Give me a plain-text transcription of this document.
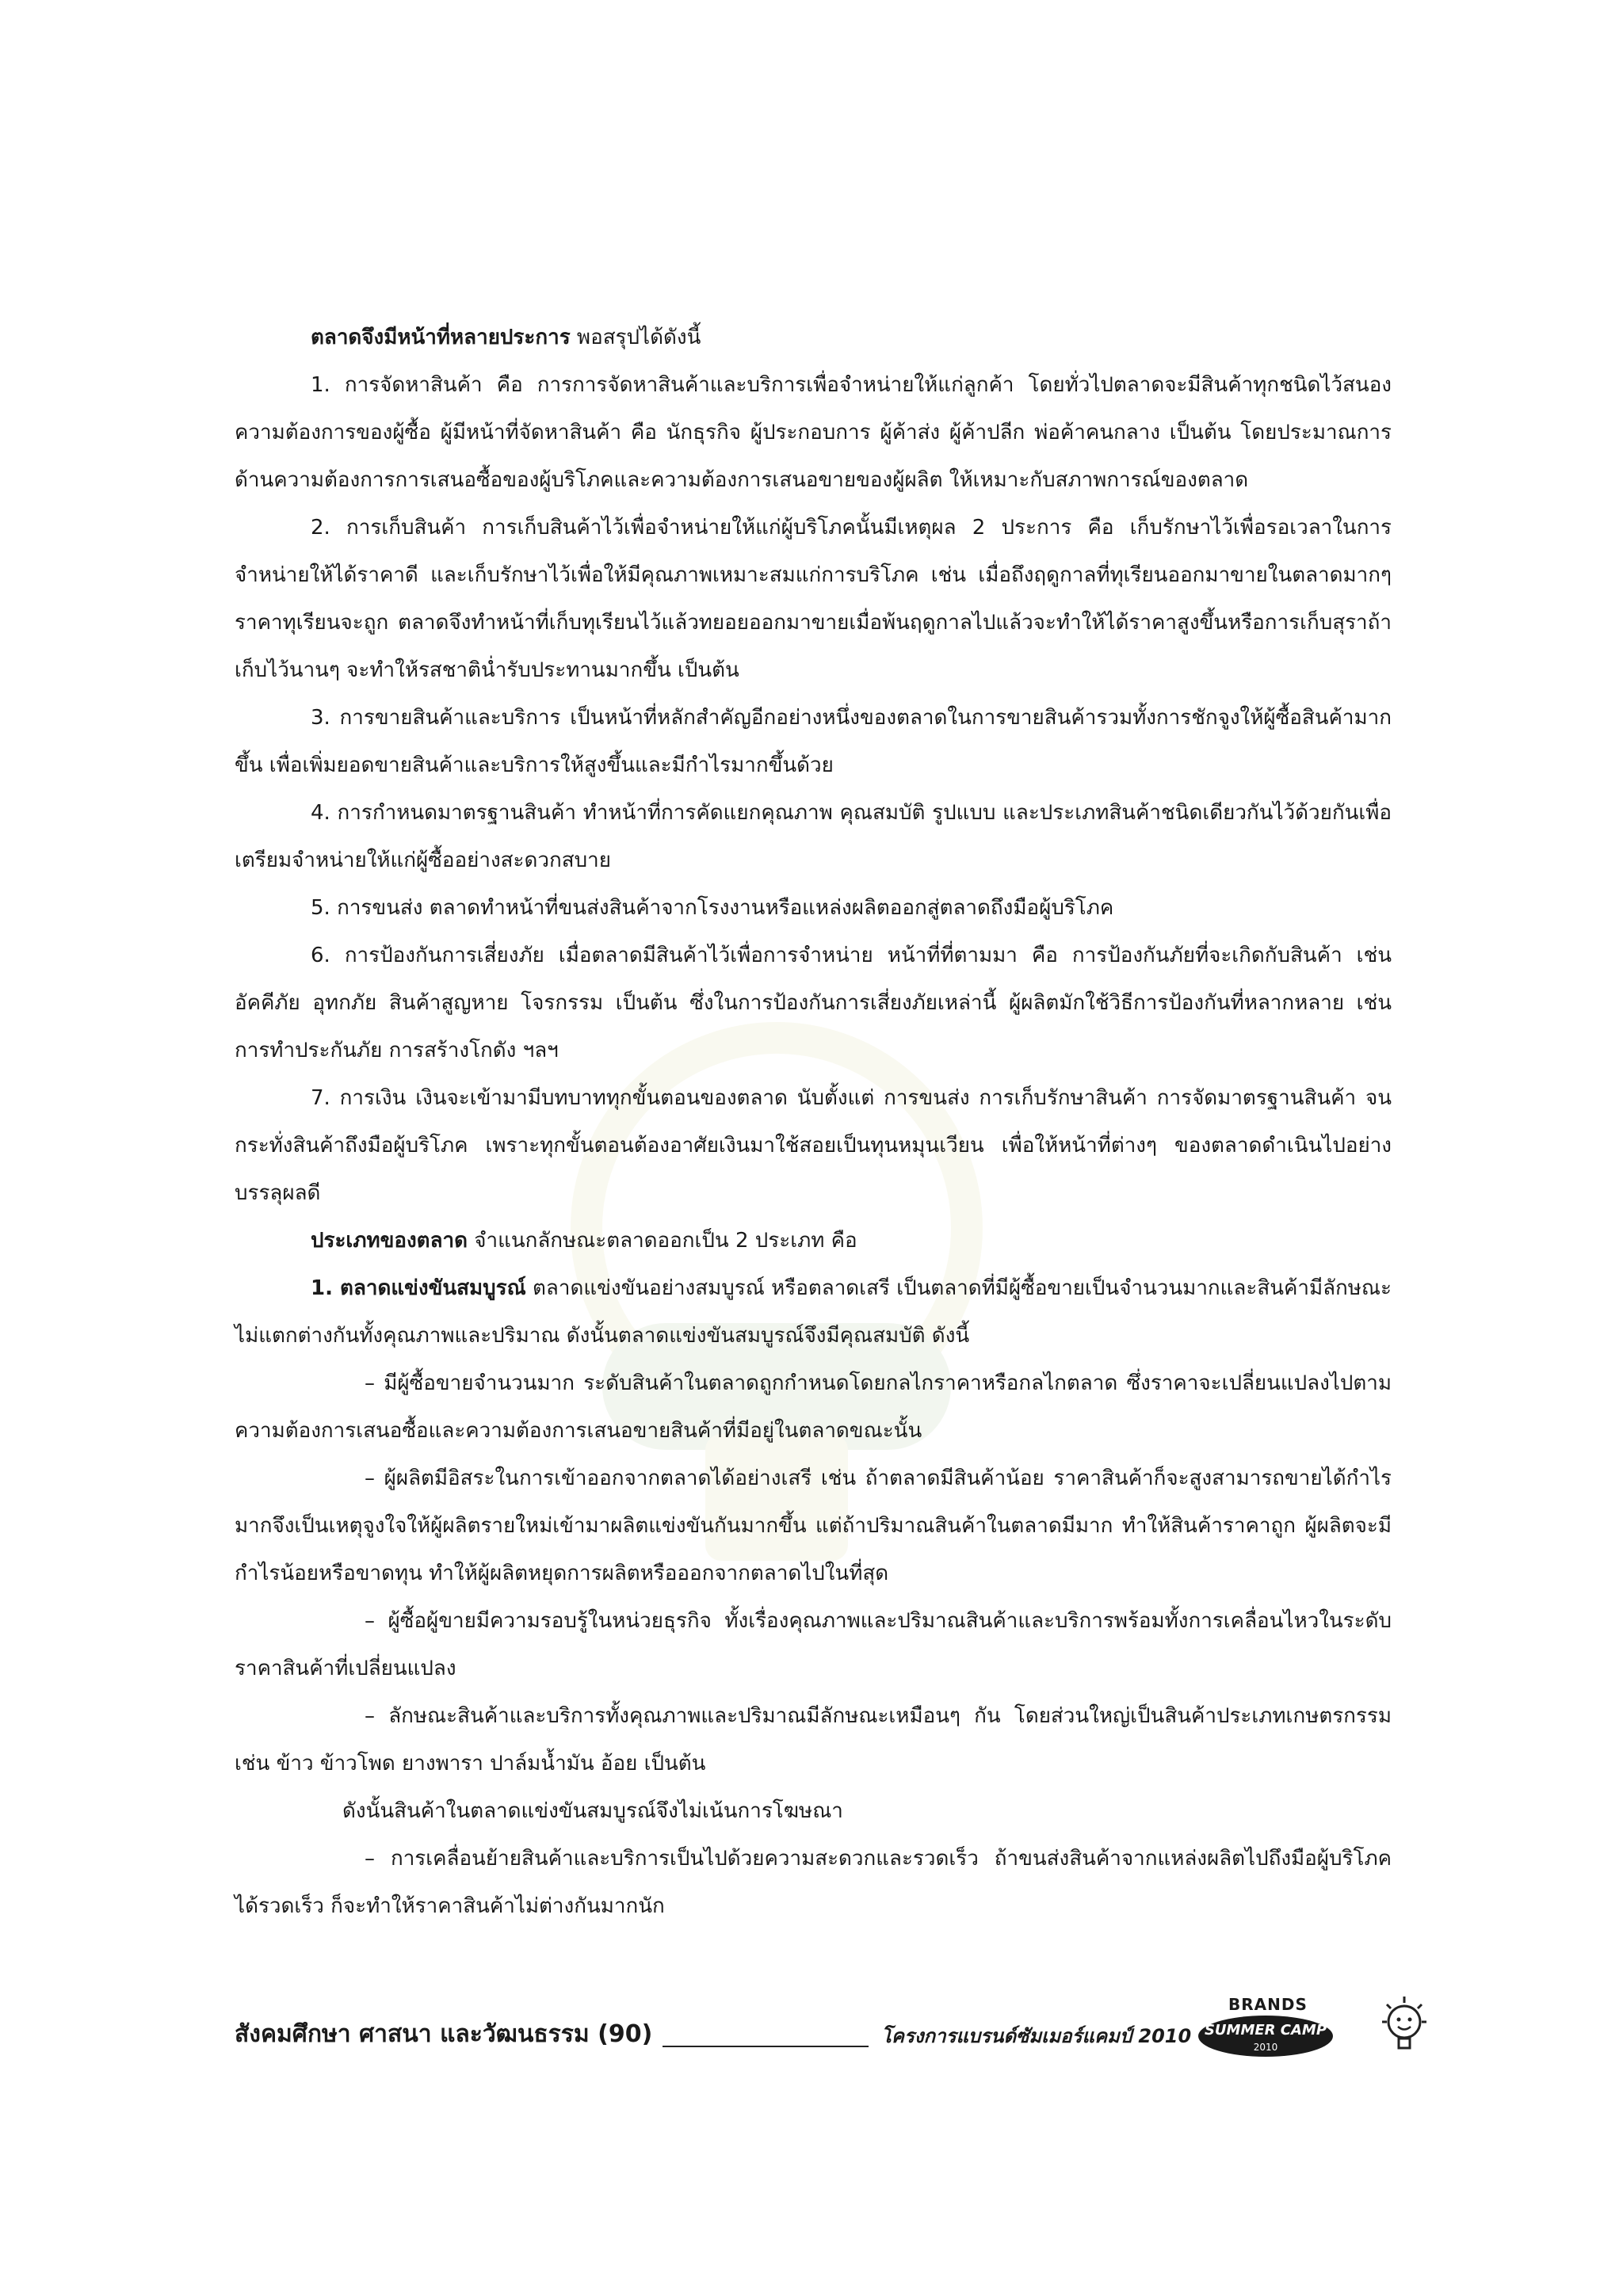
ตลาดจึงมีหน้าที่หลายประการ พอสรุปได้ดังนี้

1. การจัดหาสินค้า คือ การการจัดหาสินค้าและบริการเพื่อจำหน่ายให้แก่ลูกค้า โดยทั่วไปตลาดจะมีสินค้าทุกชนิดไว้สนองความต้องการของผู้ซื้อ ผู้มีหน้าที่จัดหาสินค้า คือ นักธุรกิจ ผู้ประกอบการ ผู้ค้าส่ง ผู้ค้าปลีก พ่อค้าคนกลาง เป็นต้น โดยประมาณการด้านความต้องการการเสนอซื้อของผู้บริโภคและความต้องการเสนอขายของผู้ผลิต ให้เหมาะกับสภาพการณ์ของตลาด

2. การเก็บสินค้า การเก็บสินค้าไว้เพื่อจำหน่ายให้แก่ผู้บริโภคนั้นมีเหตุผล 2 ประการ คือ เก็บรักษาไว้เพื่อรอเวลาในการจำหน่ายให้ได้ราคาดี และเก็บรักษาไว้เพื่อให้มีคุณภาพเหมาะสมแก่การบริโภค เช่น เมื่อถึงฤดูกาลที่ทุเรียนออกมาขายในตลาดมากๆ ราคาทุเรียนจะถูก ตลาดจึงทำหน้าที่เก็บทุเรียนไว้แล้วทยอยออกมาขายเมื่อพ้นฤดูกาลไปแล้วจะทำให้ได้ราคาสูงขึ้นหรือการเก็บสุราถ้าเก็บไว้นานๆ จะทำให้รสชาตินํ่ารับประทานมากขึ้น เป็นต้น

3. การขายสินค้าและบริการ เป็นหน้าที่หลักสำคัญอีกอย่างหนึ่งของตลาดในการขายสินค้ารวมทั้งการชักจูงให้ผู้ซื้อสินค้ามากขึ้น เพื่อเพิ่มยอดขายสินค้าและบริการให้สูงขึ้นและมีกำไรมากขึ้นด้วย

4. การกำหนดมาตรฐานสินค้า ทำหน้าที่การคัดแยกคุณภาพ คุณสมบัติ รูปแบบ และประเภทสินค้าชนิดเดียวกันไว้ด้วยกันเพื่อเตรียมจำหน่ายให้แก่ผู้ซื้ออย่างสะดวกสบาย

5. การขนส่ง ตลาดทำหน้าที่ขนส่งสินค้าจากโรงงานหรือแหล่งผลิตออกสู่ตลาดถึงมือผู้บริโภค

6. การป้องกันการเสี่ยงภัย เมื่อตลาดมีสินค้าไว้เพื่อการจำหน่าย หน้าที่ที่ตามมา คือ การป้องกันภัยที่จะเกิดกับสินค้า เช่น อัคคีภัย อุทกภัย สินค้าสูญหาย โจรกรรม เป็นต้น ซึ่งในการป้องกันการเสี่ยงภัยเหล่านี้ ผู้ผลิตมักใช้วิธีการป้องกันที่หลากหลาย เช่น การทำประกันภัย การสร้างโกดัง ฯลฯ

7. การเงิน เงินจะเข้ามามีบทบาททุกขั้นตอนของตลาด นับตั้งแต่ การขนส่ง การเก็บรักษาสินค้า การจัดมาตรฐานสินค้า จนกระทั่งสินค้าถึงมือผู้บริโภค เพราะทุกขั้นตอนต้องอาศัยเงินมาใช้สอยเป็นทุนหมุนเวียน เพื่อให้หน้าที่ต่างๆ ของตลาดดำเนินไปอย่างบรรลุผลดี

ประเภทของตลาด จำแนกลักษณะตลาดออกเป็น 2 ประเภท คือ

1. ตลาดแข่งขันสมบูรณ์ ตลาดแข่งขันอย่างสมบูรณ์ หรือตลาดเสรี เป็นตลาดที่มีผู้ซื้อขายเป็นจำนวนมากและสินค้ามีลักษณะไม่แตกต่างกันทั้งคุณภาพและปริมาณ ดังนั้นตลาดแข่งขันสมบูรณ์จึงมีคุณสมบัติ ดังนี้

– มีผู้ซื้อขายจำนวนมาก ระดับสินค้าในตลาดถูกกำหนดโดยกลไกราคาหรือกลไกตลาด ซึ่งราคาจะเปลี่ยนแปลงไปตามความต้องการเสนอซื้อและความต้องการเสนอขายสินค้าที่มีอยู่ในตลาดขณะนั้น

– ผู้ผลิตมีอิสระในการเข้าออกจากตลาดได้อย่างเสรี เช่น ถ้าตลาดมีสินค้าน้อย ราคาสินค้าก็จะสูงสามารถขายได้กำไรมากจึงเป็นเหตุจูงใจให้ผู้ผลิตรายใหม่เข้ามาผลิตแข่งขันกันมากขึ้น แต่ถ้าปริมาณสินค้าในตลาดมีมาก ทำให้สินค้าราคาถูก ผู้ผลิตจะมีกำไรน้อยหรือขาดทุน ทำให้ผู้ผลิตหยุดการผลิตหรือออกจากตลาดไปในที่สุด

– ผู้ซื้อผู้ขายมีความรอบรู้ในหน่วยธุรกิจ ทั้งเรื่องคุณภาพและปริมาณสินค้าและบริการพร้อมทั้งการเคลื่อนไหวในระดับราคาสินค้าที่เปลี่ยนแปลง

– ลักษณะสินค้าและบริการทั้งคุณภาพและปริมาณมีลักษณะเหมือนๆ กัน โดยส่วนใหญ่เป็นสินค้าประเภทเกษตรกรรม เช่น ข้าว ข้าวโพด ยางพารา ปาล์มน้ำมัน อ้อย เป็นต้น

ดังนั้นสินค้าในตลาดแข่งขันสมบูรณ์จึงไม่เน้นการโฆษณา

– การเคลื่อนย้ายสินค้าและบริการเป็นไปด้วยความสะดวกและรวดเร็ว ถ้าขนส่งสินค้าจากแหล่งผลิตไปถึงมือผู้บริโภคได้รวดเร็ว ก็จะทำให้ราคาสินค้าไม่ต่างกันมากนัก

สังคมศึกษา ศาสนา และวัฒนธรรม (90)	โครงการแบรนด์ซัมเมอร์แคมป์ 2010
BRANDS
SUMMER CAMP
2010
